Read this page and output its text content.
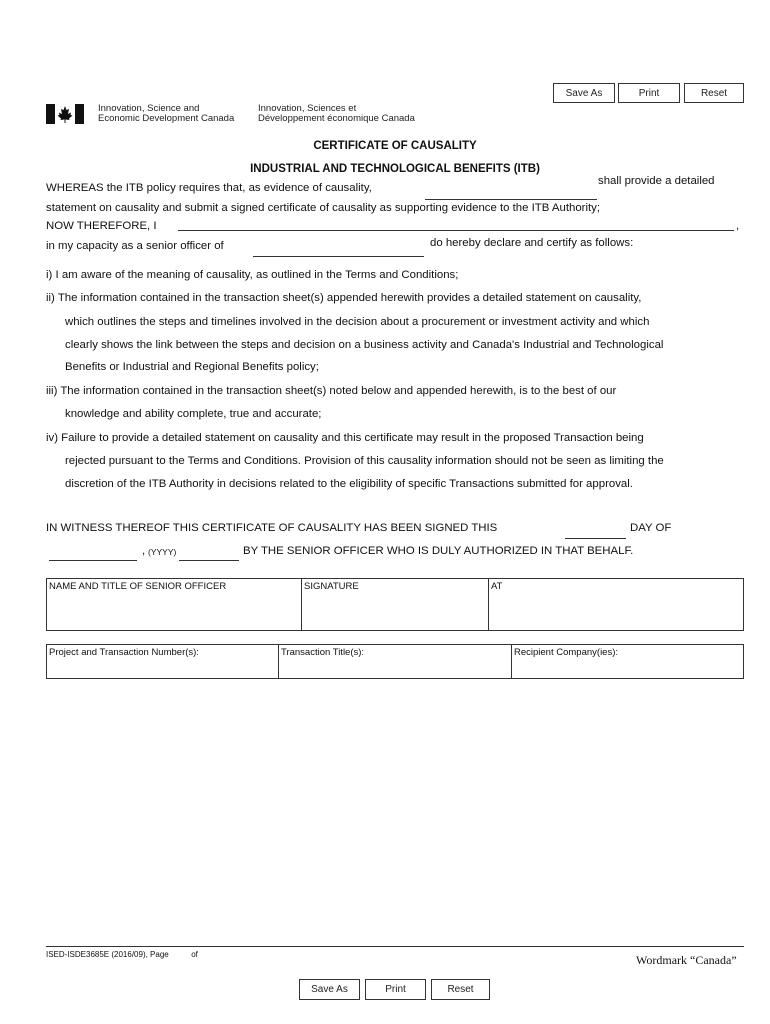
Save As	Print	Reset
Innovation, Science and
Economic Development Canada
Innovation, Sciences et
Développement économique Canada
CERTIFICATE OF CAUSALITY
INDUSTRIAL AND TECHNOLOGICAL BENEFITS (ITB)
WHEREAS the ITB policy requires that, as evidence of causality,
shall provide a detailed
statement on causality and submit a signed certificate of causality as supporting evidence to the ITB Authority;
NOW THEREFORE, I	,
in my capacity as a senior officer of	do hereby declare and certify as follows:
i) I am aware of the meaning of causality, as outlined in the Terms and Conditions;
ii) The information contained in the transaction sheet(s) appended herewith provides a detailed statement on causality,
which outlines the steps and timelines involved in the decision about a procurement or investment activity and which
clearly shows the link between the steps and decision on a business activity and Canada's Industrial and Technological
Benefits or Industrial and Regional Benefits policy;
iii) The information contained in the transaction sheet(s) noted below and appended herewith, is to the best of our
knowledge and ability complete, true and accurate;
iv) Failure to provide a detailed statement on causality and this certificate may result in the proposed Transaction being
rejected pursuant to the Terms and Conditions. Provision of this causality information should not be seen as limiting the
discretion of the ITB Authority in decisions related to the eligibility of specific Transactions submitted for approval.
IN WITNESS THEREOF THIS CERTIFICATE OF CAUSALITY HAS BEEN SIGNED THIS	DAY OF
, (YYYY)	BY THE SENIOR OFFICER WHO IS DULY AUTHORIZED IN THAT BEHALF.
NAME AND TITLE OF SENIOR OFFICER	SIGNATURE	AT
Project and Transaction Number(s):	Transaction Title(s):	Recipient Company(ies):
ISED-ISDE3685E (2016/09), Page	of	Wordmark “Canada”
Save As	Print	Reset
